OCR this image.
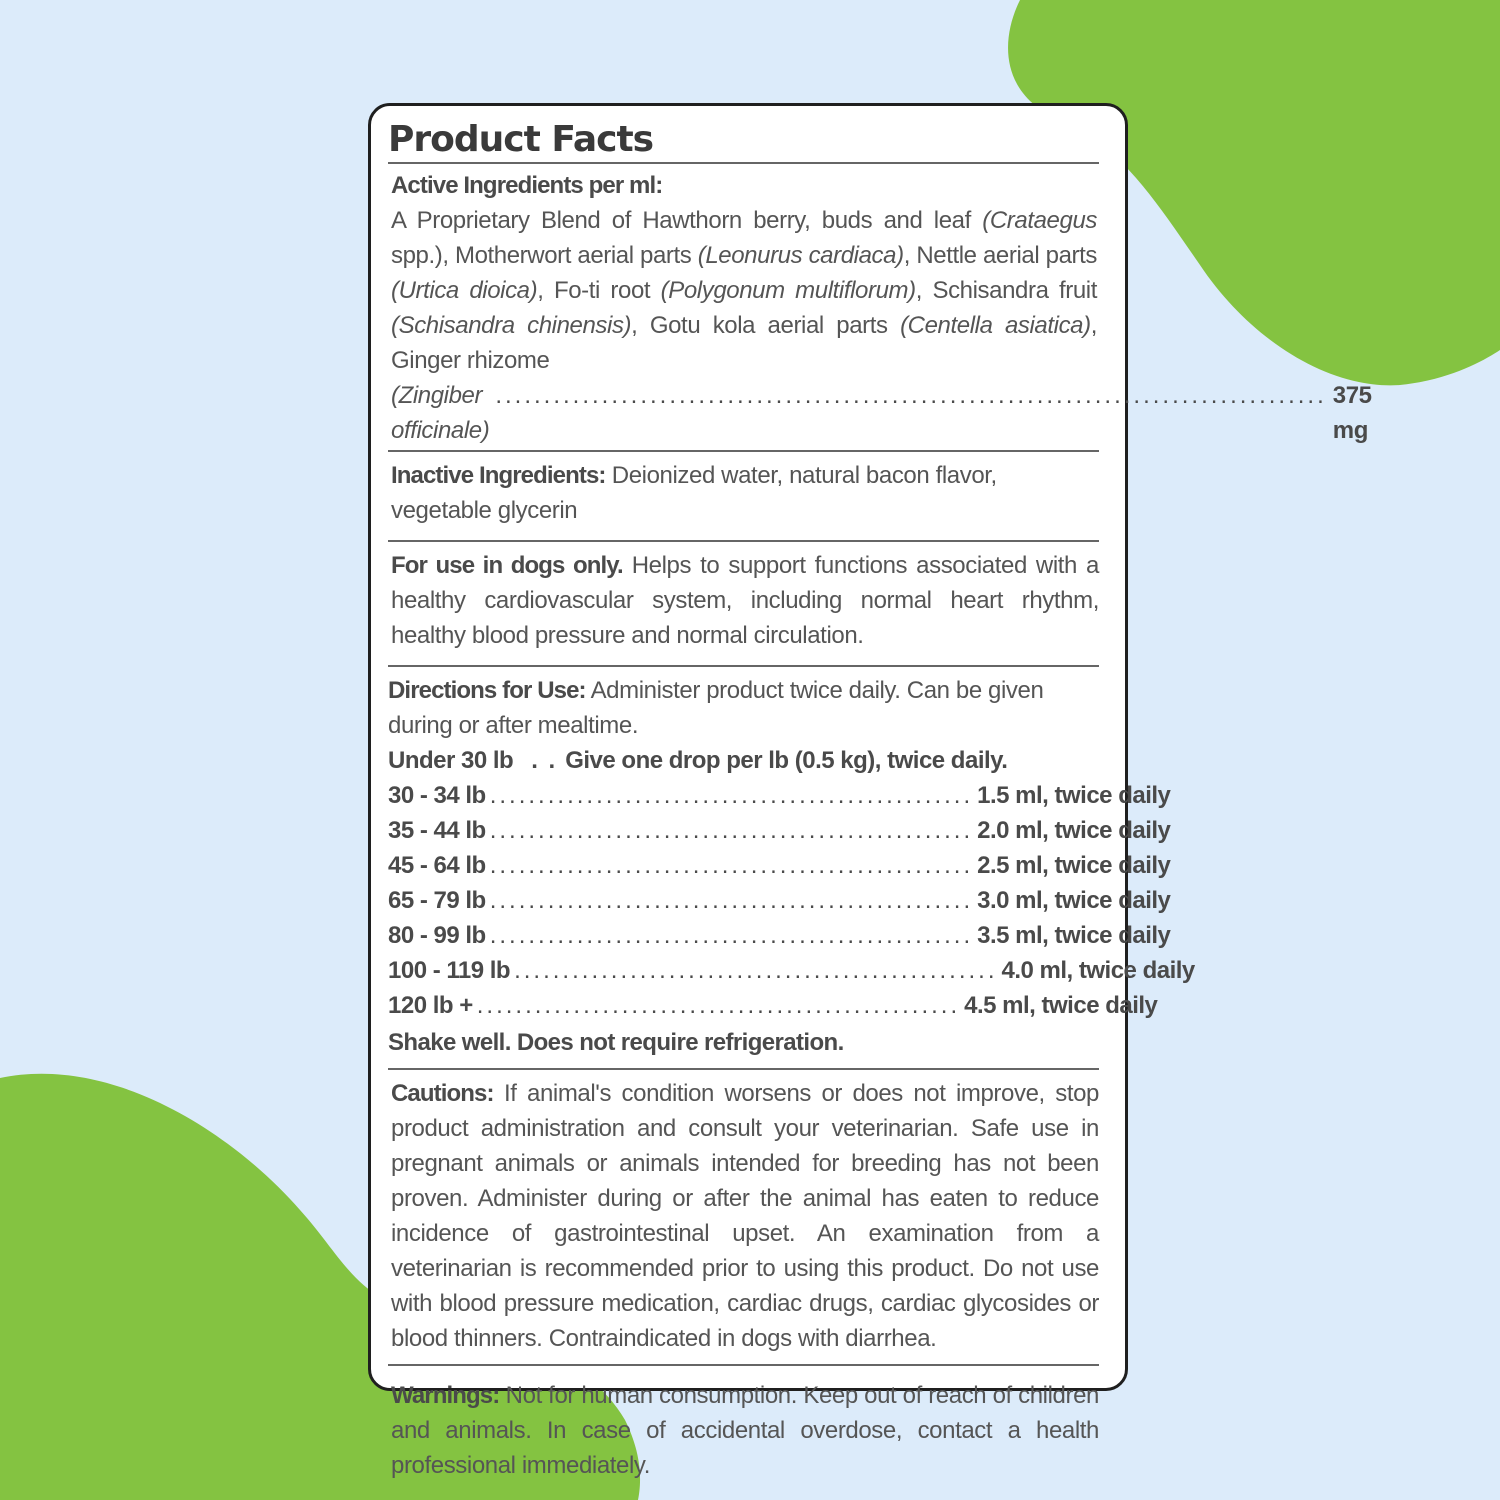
Product Facts

Active Ingredients per ml:

A Proprietary Blend of Hawthorn berry, buds and leaf (Crataegus spp.), Motherwort aerial parts (Leonurus cardiaca), Nettle aerial parts (Urtica dioica), Fo-ti root (Polygonum multiflorum), Schisandra fruit (Schisandra chinensis), Gotu kola aerial parts (Centella asiatica), Ginger rhizome

(Zingiber officinale)
...................................................................................... 375 mg

Inactive Ingredients: Deionized water, natural bacon flavor, vegetable glycerin

For use in dogs only. Helps to support functions associated with a healthy cardiovascular system, including normal heart rhythm, healthy blood pressure and normal circulation.

Directions for Use: Administer product twice daily. Can be given during or after mealtime.

Under 30 lb . . Give one drop per lb (0.5 kg), twice daily.
30 - 34 lb .................................................. 1.5 ml, twice daily
35 - 44 lb .................................................. 2.0 ml, twice daily
45 - 64 lb .................................................. 2.5 ml, twice daily
65 - 79 lb .................................................. 3.0 ml, twice daily
80 - 99 lb .................................................. 3.5 ml, twice daily
100 - 119 lb .................................................. 4.0 ml, twice daily
120 lb + .................................................. 4.5 ml, twice daily

Shake well. Does not require refrigeration.

Cautions: If animal's condition worsens or does not improve, stop product administration and consult your veterinarian. Safe use in pregnant animals or animals intended for breeding has not been proven. Administer during or after the animal has eaten to reduce incidence of gastrointestinal upset. An examination from a veterinarian is recommended prior to using this product. Do not use with blood pressure medication, cardiac drugs, cardiac glycosides or blood thinners. Contraindicated in dogs with diarrhea.

Warnings: Not for human consumption. Keep out of reach of children and animals. In case of accidental overdose, contact a health professional immediately.
